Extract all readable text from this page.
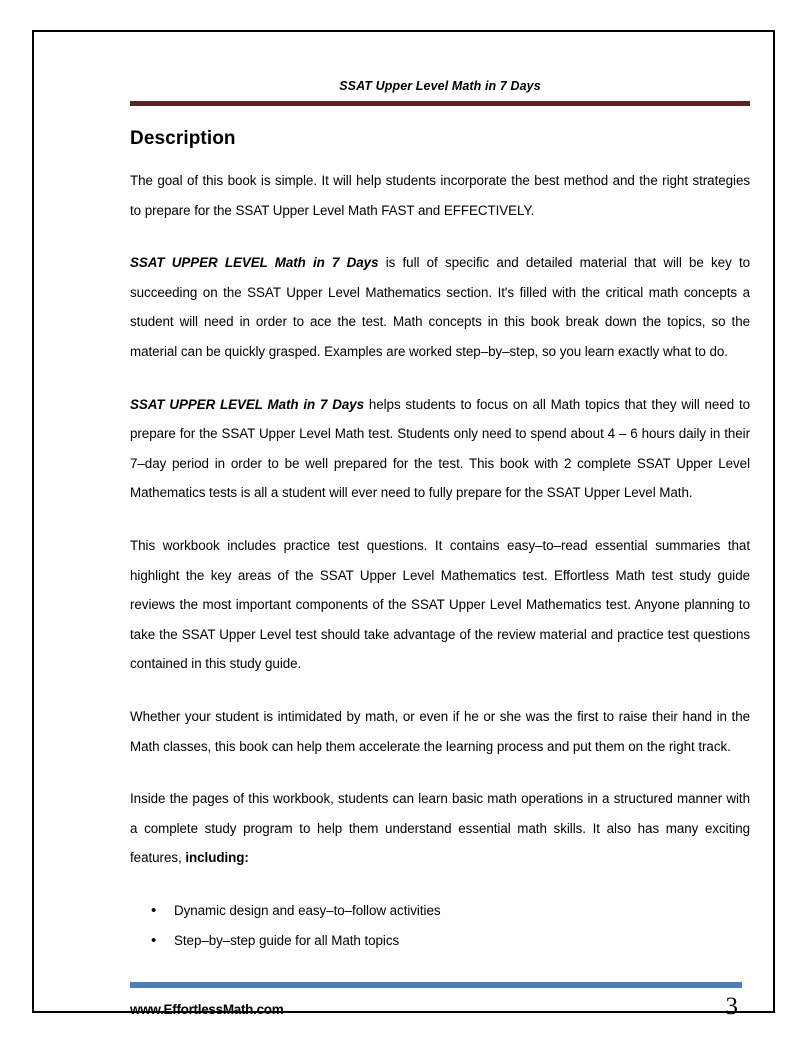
SSAT Upper Level Math in 7 Days
Description

The goal of this book is simple. It will help students incorporate the best method and the right strategies to prepare for the SSAT Upper Level Math FAST and EFFECTIVELY.

SSAT UPPER LEVEL Math in 7 Days is full of specific and detailed material that will be key to succeeding on the SSAT Upper Level Mathematics section. It's filled with the critical math concepts a student will need in order to ace the test. Math concepts in this book break down the topics, so the material can be quickly grasped. Examples are worked step–by–step, so you learn exactly what to do.

SSAT UPPER LEVEL Math in 7 Days helps students to focus on all Math topics that they will need to prepare for the SSAT Upper Level Math test. Students only need to spend about 4 – 6 hours daily in their 7–day period in order to be well prepared for the test. This book with 2 complete SSAT Upper Level Mathematics tests is all a student will ever need to fully prepare for the SSAT Upper Level Math.

This workbook includes practice test questions. It contains easy–to–read essential summaries that highlight the key areas of the SSAT Upper Level Mathematics test. Effortless Math test study guide reviews the most important components of the SSAT Upper Level Mathematics test. Anyone planning to take the SSAT Upper Level test should take advantage of the review material and practice test questions contained in this study guide.

Whether your student is intimidated by math, or even if he or she was the first to raise their hand in the Math classes, this book can help them accelerate the learning process and put them on the right track.

Inside the pages of this workbook, students can learn basic math operations in a structured manner with a complete study program to help them understand essential math skills. It also has many exciting features, including:

• Dynamic design and easy–to–follow activities
• Step–by–step guide for all Math topics
www.EffortlessMath.com	3
